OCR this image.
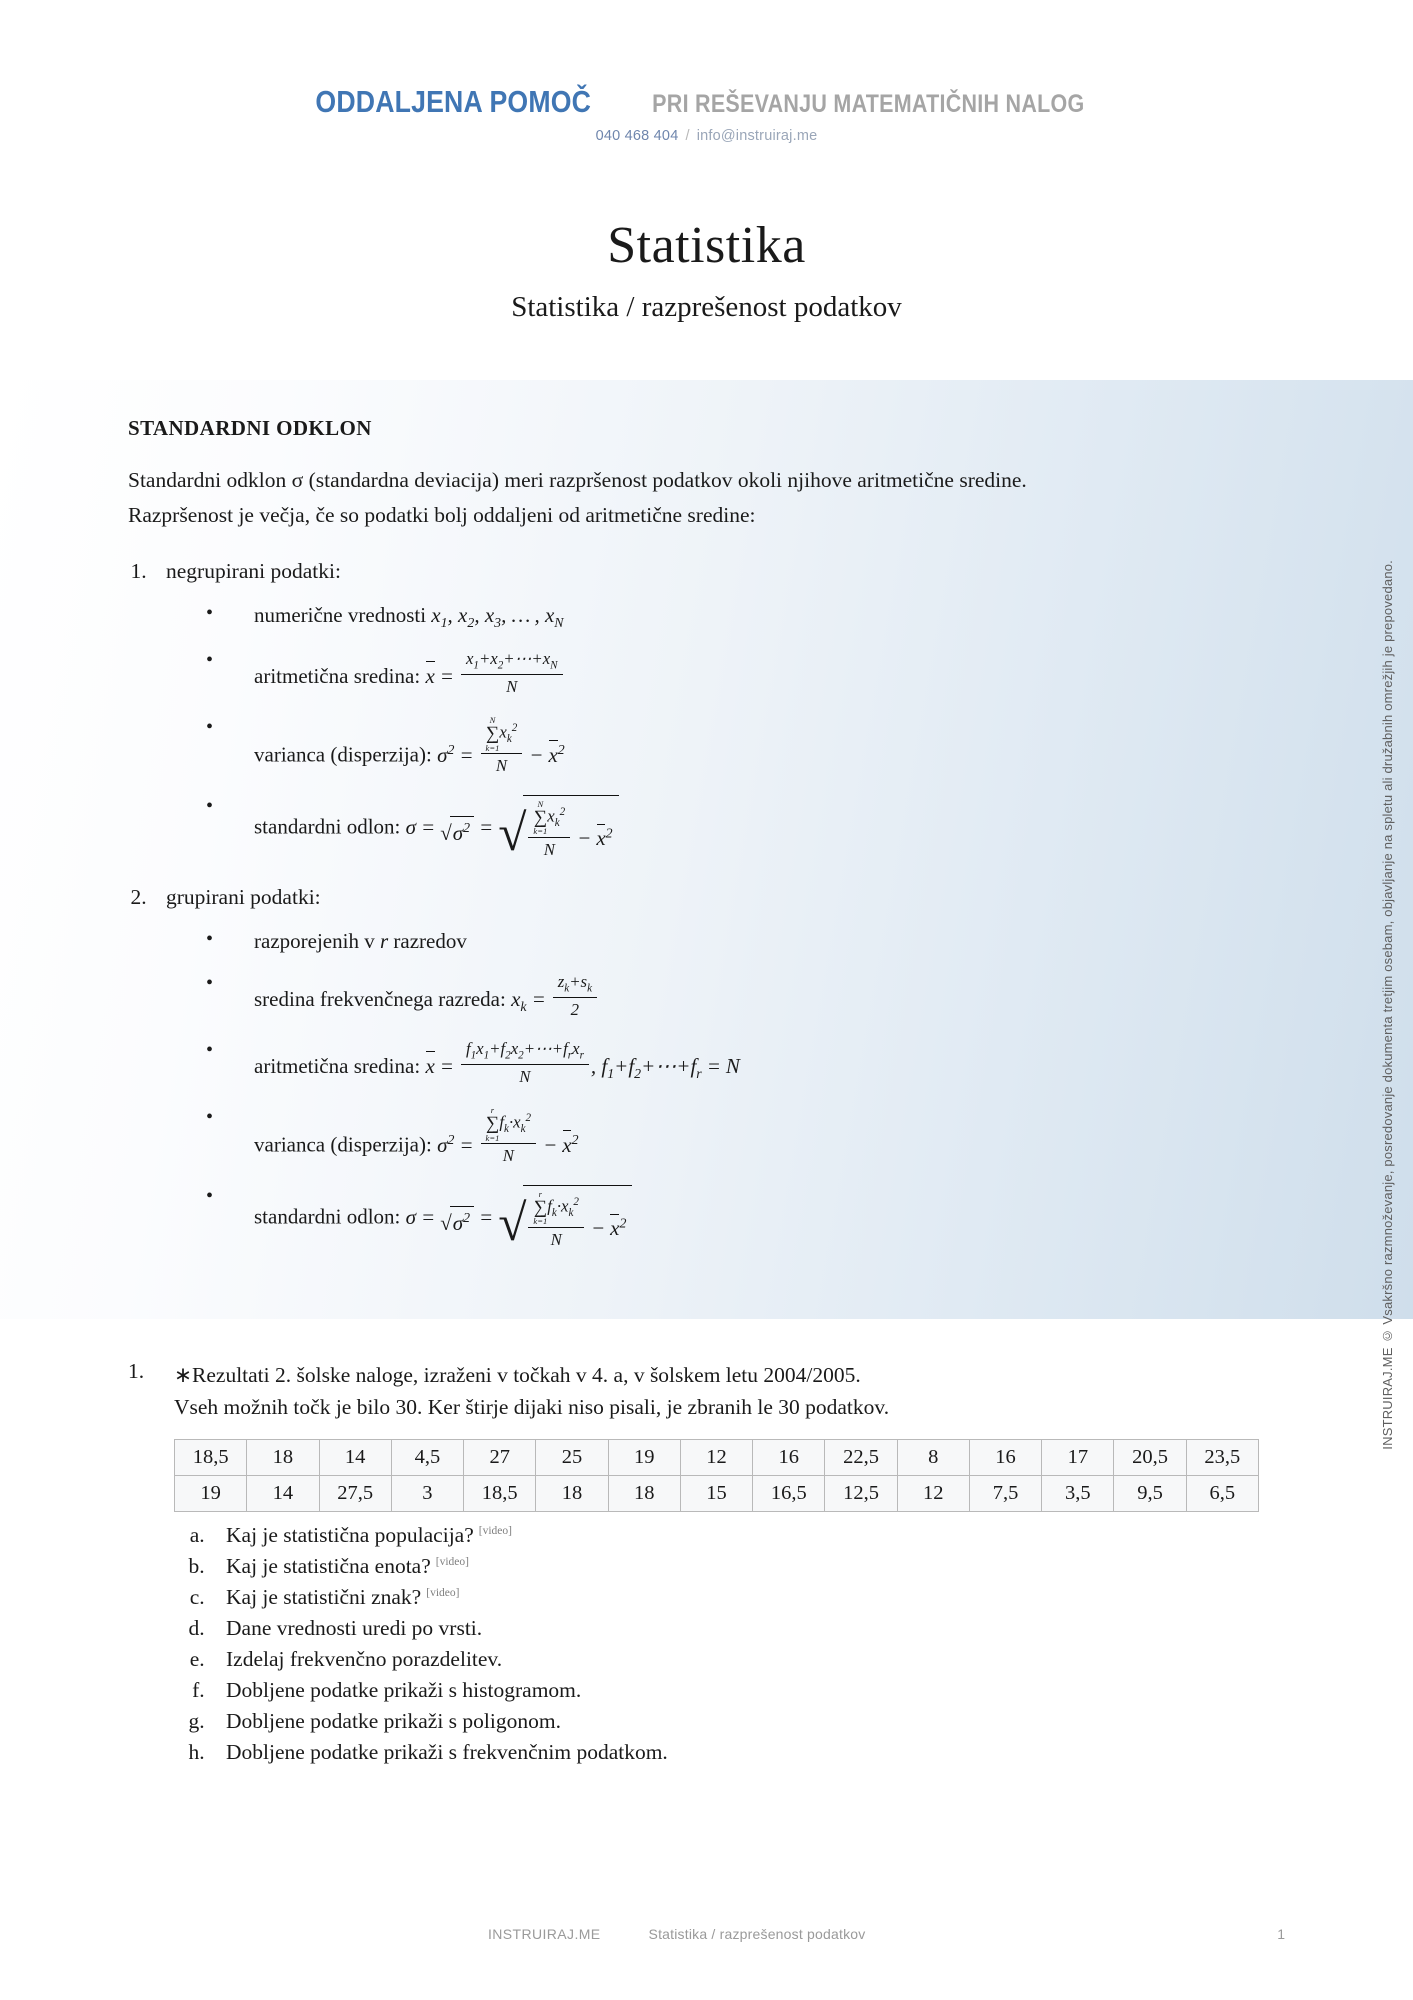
ODDALJENA POMOČ PRI REŠEVANJU MATEMATIČNIH NALOG
040 468 404 / info@instruiraj.me
Statistika
Statistika / razprešenost podatkov
STANDARDNI ODKLON

Standardni odklon σ (standardna deviacija) meri razpršenost podatkov okoli njihove aritmetične sredine. Razpršenost je večja, če so podatki bolj oddaljeni od aritmetične sredine:

1. negrupirani podatki:
• numerične vrednosti $x_1$, $x_2$, $x_3$, … , $x_N$
• aritmetična sredina: $x = \frac{x_1+x_2+\cdots+x_N}{N}$
• varianca (disperzija): $\sigma^2 = N$
∑
k=1
$x_k^2$
$N - x^2$
• standardni odlon: $\sigma = √\sigma^2$ =√ N
∑
k=1
$x_k^2$
$N - x^2$
2. grupirani podatki:
• razporejenih v r razredov
• sredina frekvenčnega razreda: $x_k = \frac{z_k+s_k}{2}$
• aritmetična sredina: $x = \frac{f_1x_1+f_2x_2+\cdots+f_rx_r}{N}$ , $f_1+f_2+\cdots+f_r = N$
• varianca (disperzija): $\sigma^2 = r$
∑
k=1
$f_k\cdot x_k^2$
$N - x^2$
• standardni odlon: $\sigma = √\sigma^2$ =√ r
∑
k=1
$f_k\cdot x_k^2$
$N - x^2$
1.	∗Rezultati 2. šolske naloge, izraženi v točkah v 4. a, v šolskem letu 2004/2005.
Vseh možnih točk je bilo 30. Ker štirje dijaki niso pisali, je zbranih le 30 podatkov.
18,5	18	14	4,5	27	25	19	12	16	22,5	8	16	17	20,5	23,5
19	14	27,5	3	18,5	18	18	15	16,5	12,5	12	7,5	3,5	9,5	6,5
a. Kaj je statistična populacija? [video]
b. Kaj je statistična enota? [video]
c. Kaj je statistični znak? [video]
d. Dane vrednosti uredi po vrsti.
e. Izdelaj frekvenčno porazdelitev.
f. Dobljene podatke prikaži s histogramom.
g. Dobljene podatke prikaži s poligonom.
h. Dobljene podatke prikaži s frekvenčnim podatkom.
INSTRUIRAJ.ME © Vsakršno razmnoževanje, posredovanje dokumenta tretjim osebam, objavljanje na spletu ali družabnih omrežjih je prepovedano.
INSTRUIRAJ.ME	Statistika / razprešenost podatkov	1
